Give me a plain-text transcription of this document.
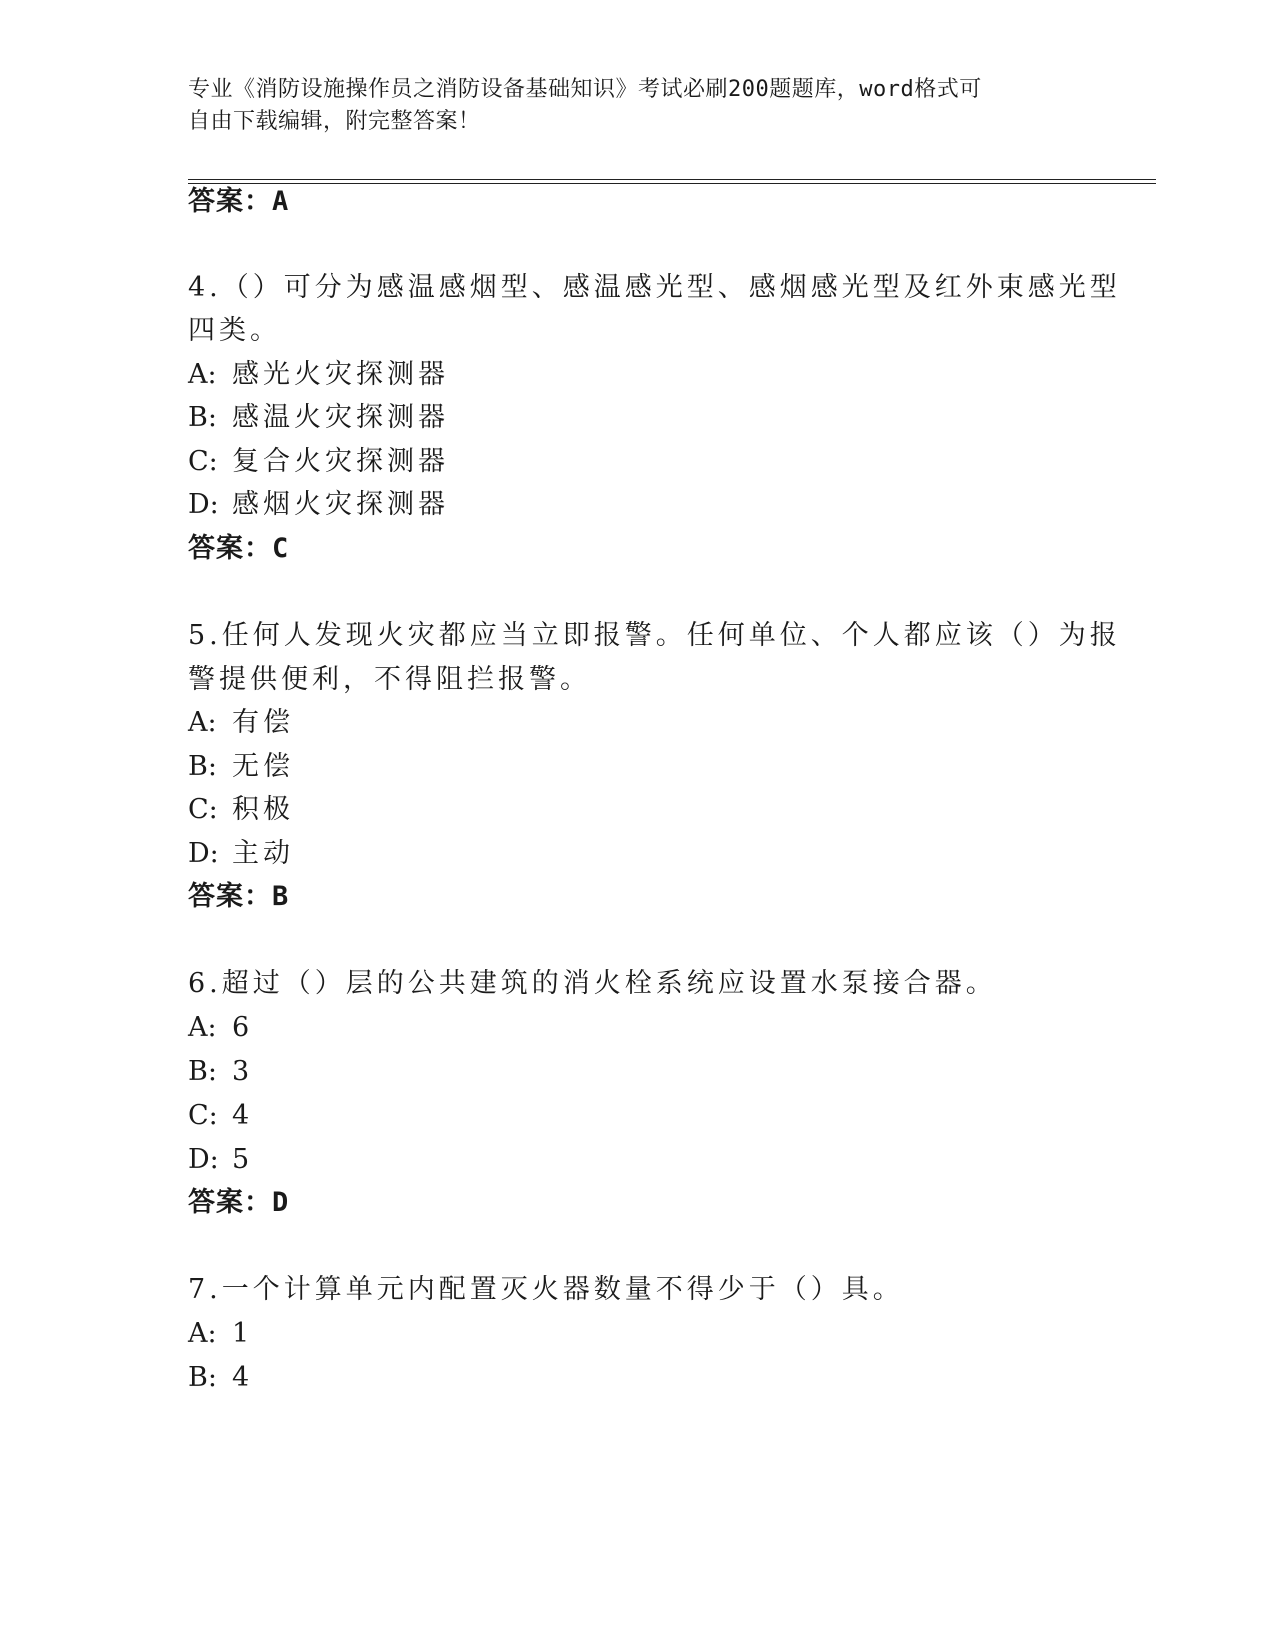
专业《消防设施操作员之消防设备基础知识》考试必刷200题题库，word格式可
自由下载编辑，附完整答案！
答案：A
4.（）可分为感温感烟型、感温感光型、感烟感光型及红外束感光型
四类。
A: 感光火灾探测器
B: 感温火灾探测器
C: 复合火灾探测器
D: 感烟火灾探测器
答案：C
5.任何人发现火灾都应当立即报警。任何单位、个人都应该（）为报
警提供便利，不得阻拦报警。
A: 有偿
B: 无偿
C: 积极
D: 主动
答案：B
6.超过（）层的公共建筑的消火栓系统应设置水泵接合器。
A: 6
B: 3
C: 4
D: 5
答案：D
7.一个计算单元内配置灭火器数量不得少于（）具。
A: 1
B: 4
